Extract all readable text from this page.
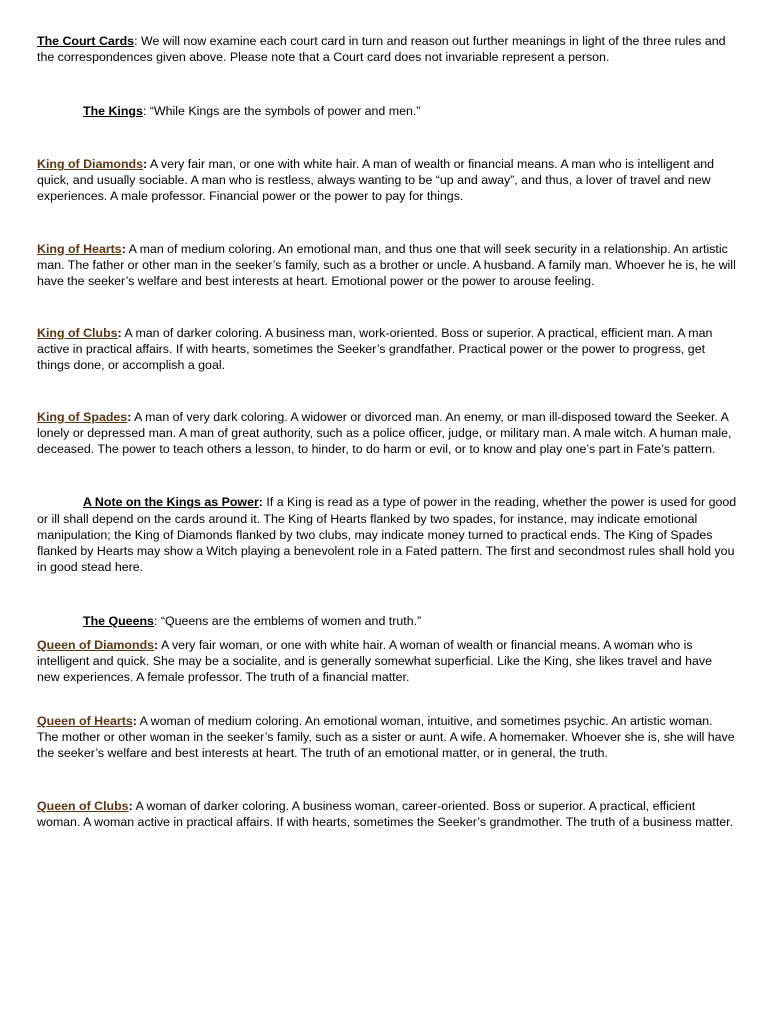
The Court Cards: We will now examine each court card in turn and reason out further meanings in light of the three rules and the correspondences given above. Please note that a Court card does not invariable represent a person.

The Kings: “While Kings are the symbols of power and men.”

King of Diamonds: A very fair man, or one with white hair. A man of wealth or financial means. A man who is intelligent and quick, and usually sociable. A man who is restless, always wanting to be “up and away”, and thus, a lover of travel and new experiences. A male professor. Financial power or the power to pay for things.

King of Hearts: A man of medium coloring. An emotional man, and thus one that will seek security in a relationship. An artistic man. The father or other man in the seeker’s family, such as a brother or uncle. A husband. A family man. Whoever he is, he will have the seeker’s welfare and best interests at heart. Emotional power or the power to arouse feeling.

King of Clubs: A man of darker coloring. A business man, work-oriented. Boss or superior. A practical, efficient man. A man active in practical affairs. If with hearts, sometimes the Seeker’s grandfather. Practical power or the power to progress, get things done, or accomplish a goal.

King of Spades: A man of very dark coloring. A widower or divorced man. An enemy, or man ill-disposed toward the Seeker. A lonely or depressed man. A man of great authority, such as a police officer, judge, or military man. A male witch. A human male, deceased. The power to teach others a lesson, to hinder, to do harm or evil, or to know and play one’s part in Fate’s pattern.

A Note on the Kings as Power: If a King is read as a type of power in the reading, whether the power is used for good or ill shall depend on the cards around it. The King of Hearts flanked by two spades, for instance, may indicate emotional manipulation; the King of Diamonds flanked by two clubs, may indicate money turned to practical ends. The King of Spades flanked by Hearts may show a Witch playing a benevolent role in a Fated pattern. The first and secondmost rules shall hold you in good stead here.

The Queens: “Queens are the emblems of women and truth.”

Queen of Diamonds: A very fair woman, or one with white hair. A woman of wealth or financial means. A woman who is intelligent and quick. She may be a socialite, and is generally somewhat superficial. Like the King, she likes travel and have new experiences. A female professor. The truth of a financial matter.

Queen of Hearts: A woman of medium coloring. An emotional woman, intuitive, and sometimes psychic. An artistic woman. The mother or other woman in the seeker’s family, such as a sister or aunt. A wife. A homemaker. Whoever she is, she will have the seeker’s welfare and best interests at heart. The truth of an emotional matter, or in general, the truth.

Queen of Clubs: A woman of darker coloring. A business woman, career-oriented. Boss or superior. A practical, efficient woman. A woman active in practical affairs. If with hearts, sometimes the Seeker’s grandmother. The truth of a business matter.
